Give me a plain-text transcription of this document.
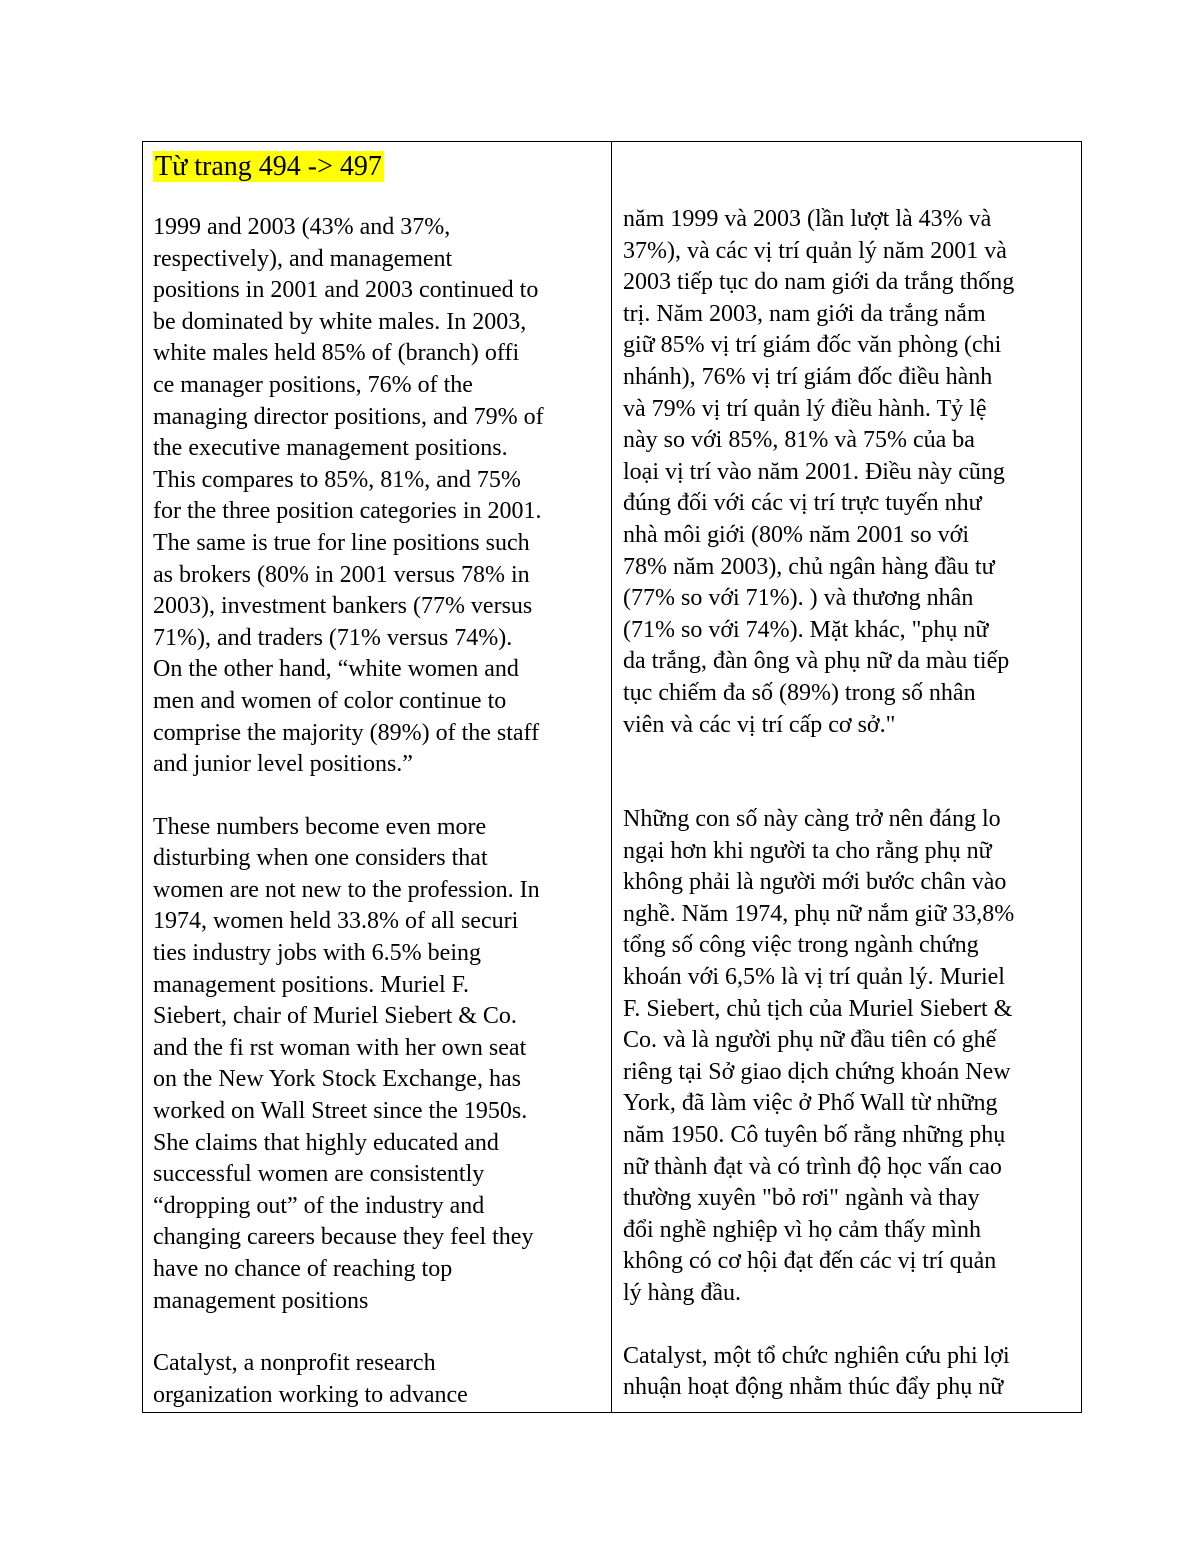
Từ trang 494 -> 497

1999 and 2003 (43% and 37%,
respectively), and management
positions in 2001 and 2003 continued to
be dominated by white males. In 2003,
white males held 85% of (branch) offi
ce manager positions, 76% of the
managing director positions, and 79% of
the executive management positions.
This compares to 85%, 81%, and 75%
for the three position categories in 2001.
The same is true for line positions such
as brokers (80% in 2001 versus 78% in
2003), investment bankers (77% versus
71%), and traders (71% versus 74%).
On the other hand, “white women and
men and women of color continue to
comprise the majority (89%) of the staff
and junior level positions.”

These numbers become even more
disturbing when one considers that
women are not new to the profession. In
1974, women held 33.8% of all securi
ties industry jobs with 6.5% being
management positions. Muriel F.
Siebert, chair of Muriel Siebert & Co.
and the fi rst woman with her own seat
on the New York Stock Exchange, has
worked on Wall Street since the 1950s.
She claims that highly educated and
successful women are consistently
“dropping out” of the industry and
changing careers because they feel they
have no chance of reaching top
management positions

Catalyst, a nonprofit research
organization working to advance

năm 1999 và 2003 (lần lượt là 43% và
37%), và các vị trí quản lý năm 2001 và
2003 tiếp tục do nam giới da trắng thống
trị. Năm 2003, nam giới da trắng nắm
giữ 85% vị trí giám đốc văn phòng (chi
nhánh), 76% vị trí giám đốc điều hành
và 79% vị trí quản lý điều hành. Tỷ lệ
này so với 85%, 81% và 75% của ba
loại vị trí vào năm 2001. Điều này cũng
đúng đối với các vị trí trực tuyến như
nhà môi giới (80% năm 2001 so với
78% năm 2003), chủ ngân hàng đầu tư
(77% so với 71%). ) và thương nhân
(71% so với 74%). Mặt khác, "phụ nữ
da trắng, đàn ông và phụ nữ da màu tiếp
tục chiếm đa số (89%) trong số nhân
viên và các vị trí cấp cơ sở."

Những con số này càng trở nên đáng lo
ngại hơn khi người ta cho rằng phụ nữ
không phải là người mới bước chân vào
nghề. Năm 1974, phụ nữ nắm giữ 33,8%
tổng số công việc trong ngành chứng
khoán với 6,5% là vị trí quản lý. Muriel
F. Siebert, chủ tịch của Muriel Siebert &
Co. và là người phụ nữ đầu tiên có ghế
riêng tại Sở giao dịch chứng khoán New
York, đã làm việc ở Phố Wall từ những
năm 1950. Cô tuyên bố rằng những phụ
nữ thành đạt và có trình độ học vấn cao
thường xuyên "bỏ rơi" ngành và thay
đổi nghề nghiệp vì họ cảm thấy mình
không có cơ hội đạt đến các vị trí quản
lý hàng đầu.

Catalyst, một tổ chức nghiên cứu phi lợi
nhuận hoạt động nhằm thúc đẩy phụ nữ
